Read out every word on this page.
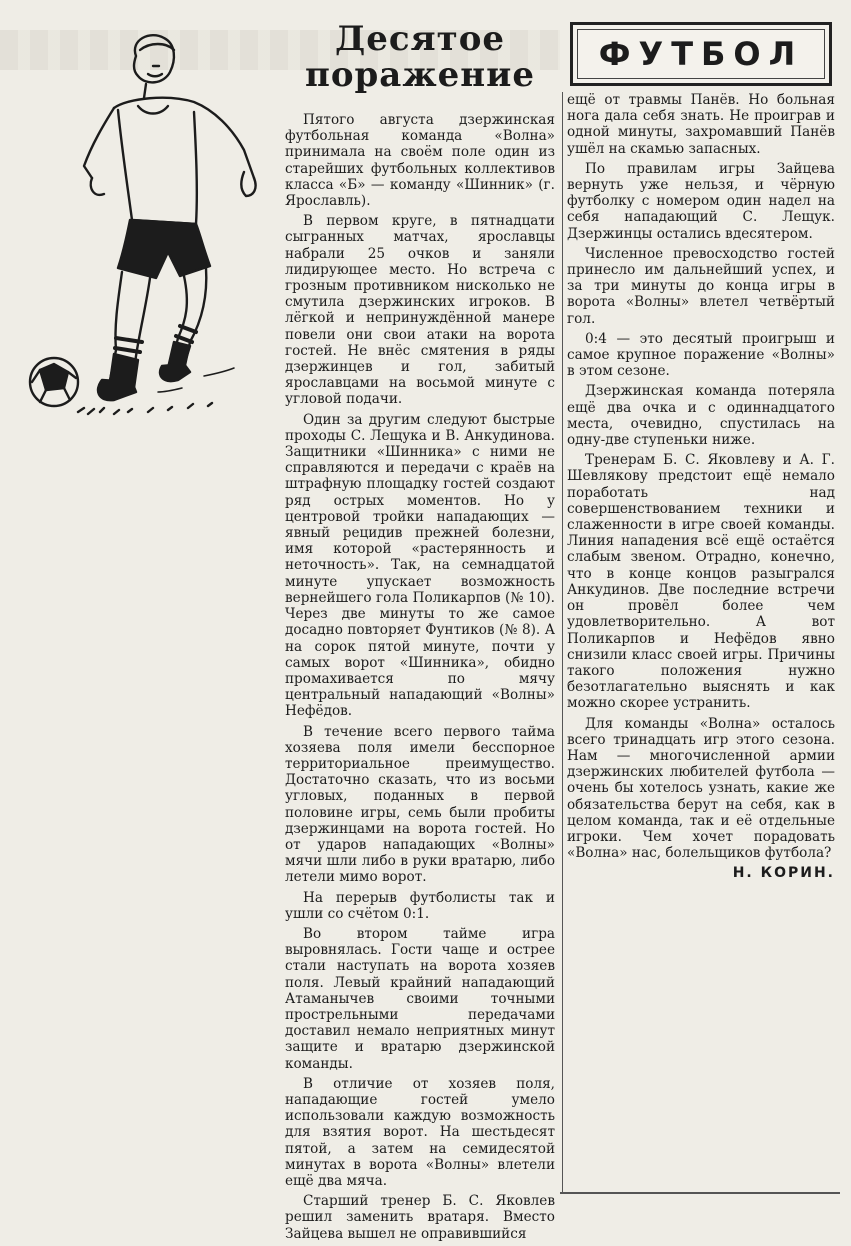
Десятое
поражение
ФУТБОЛ

Пятого августа дзержинская футбольная команда «Волна» принимала на своём поле один из старейших футбольных коллективов класса «Б» — команду «Шинник» (г. Ярославль).

В первом круге, в пятнадцати сыгранных матчах, ярославцы набрали 25 очков и заняли лидирующее место. Но встреча с грозным противником нисколько не смутила дзержинских игроков. В лёгкой и непринуждённой манере повели они свои атаки на ворота гостей. Не внёс смятения в ряды дзержинцев и гол, забитый ярославцами на восьмой минуте с угловой подачи.

Один за другим следуют быстрые проходы С. Лещука и В. Анкудинова. Защитники «Шинника» с ними не справляются и передачи с краёв на штрафную площадку гостей создают ряд острых моментов. Но у центровой тройки нападающих — явный рецидив прежней болезни, имя которой «растерянность и неточность». Так, на семнадцатой минуте упускает возможность вернейшего гола Поликарпов (№ 10). Через две минуты то же самое досадно повторяет Фунтиков (№ 8). А на сорок пятой минуте, почти у самых ворот «Шинника», обидно промахивается по мячу центральный нападающий «Волны» Нефёдов.

В течение всего первого тайма хозяева поля имели бесспорное территориальное преимущество. Достаточно сказать, что из восьми угловых, поданных в первой половине игры, семь были пробиты дзержинцами на ворота гостей. Но от ударов нападающих «Волны» мячи шли либо в руки вратарю, либо летели мимо ворот.

На перерыв футболисты так и ушли со счётом 0:1.

Во втором тайме игра выровнялась. Гости чаще и острее стали наступать на ворота хозяев поля. Левый крайний нападающий Атаманычев своими точными прострельными передачами доставил немало неприятных минут защите и вратарю дзержинской команды.

В отличие от хозяев поля, нападающие гостей умело использовали каждую возможность для взятия ворот. На шестьдесят пятой, а затем на семидесятой минутах в ворота «Волны» влетели ещё два мяча.

Старший тренер Б. С. Яковлев решил заменить вратаря. Вместо Зайцева вышел не оправившийся

ещё от травмы Панёв. Но больная нога дала себя знать. Не проиграв и одной минуты, захромавший Панёв ушёл на скамью запасных.

По правилам игры Зайцева вернуть уже нельзя, и чёрную футболку с номером один надел на себя нападающий С. Лещук. Дзержинцы остались вдесятером.

Численное превосходство гостей принесло им дальнейший успех, и за три минуты до конца игры в ворота «Волны» влетел четвёртый гол.

0:4 — это десятый проигрыш и самое крупное поражение «Волны» в этом сезоне.

Дзержинская команда потеряла ещё два очка и с одиннадцатого места, очевидно, спустилась на одну-две ступеньки ниже.

Тренерам Б. С. Яковлеву и А. Г. Шевлякову предстоит ещё немало поработать над совершенствованием техники и слаженности в игре своей команды. Линия нападения всё ещё остаётся слабым звеном. Отрадно, конечно, что в конце концов разыгрался Анкудинов. Две последние встречи он провёл более чем удовлетворительно. А вот Поликарпов и Нефёдов явно снизили класс своей игры. Причины такого положения нужно безотлагательно выяснять и как можно скорее устранить.

Для команды «Волна» осталось всего тринадцать игр этого сезона. Нам — многочисленной армии дзержинских любителей футбола — очень бы хотелось узнать, какие же обязательства берут на себя, как в целом команда, так и её отдельные игроки. Чем хочет порадовать «Волна» нас, болельщиков футбола?

Н. КОРИН.
